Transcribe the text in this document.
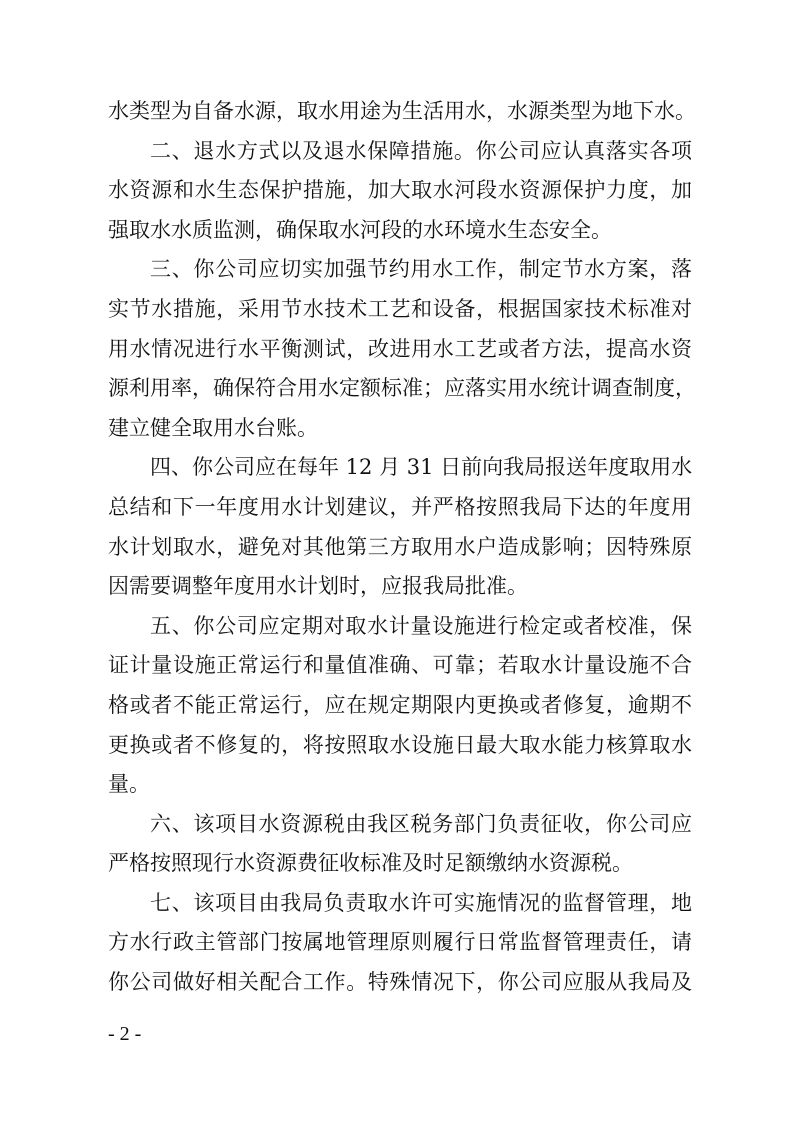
水类型为自备水源，取水用途为生活用水，水源类型为地下水。
二、退水方式以及退水保障措施。你公司应认真落实各项
水资源和水生态保护措施，加大取水河段水资源保护力度，加
强取水水质监测，确保取水河段的水环境水生态安全。
三、你公司应切实加强节约用水工作，制定节水方案，落
实节水措施，采用节水技术工艺和设备，根据国家技术标准对
用水情况进行水平衡测试，改进用水工艺或者方法，提高水资
源利用率，确保符合用水定额标准；应落实用水统计调查制度，
建立健全取用水台账。
四、你公司应在每年 12 月 31 日前向我局报送年度取用水
总结和下一年度用水计划建议，并严格按照我局下达的年度用
水计划取水，避免对其他第三方取用水户造成影响；因特殊原
因需要调整年度用水计划时，应报我局批准。
五、你公司应定期对取水计量设施进行检定或者校准，保
证计量设施正常运行和量值准确、可靠；若取水计量设施不合
格或者不能正常运行，应在规定期限内更换或者修复，逾期不
更换或者不修复的，将按照取水设施日最大取水能力核算取水
量。
六、该项目水资源税由我区税务部门负责征收，你公司应
严格按照现行水资源费征收标准及时足额缴纳水资源税。
七、该项目由我局负责取水许可实施情况的监督管理，地
方水行政主管部门按属地管理原则履行日常监督管理责任，请
你公司做好相关配合工作。特殊情况下，你公司应服从我局及
- 2 -
